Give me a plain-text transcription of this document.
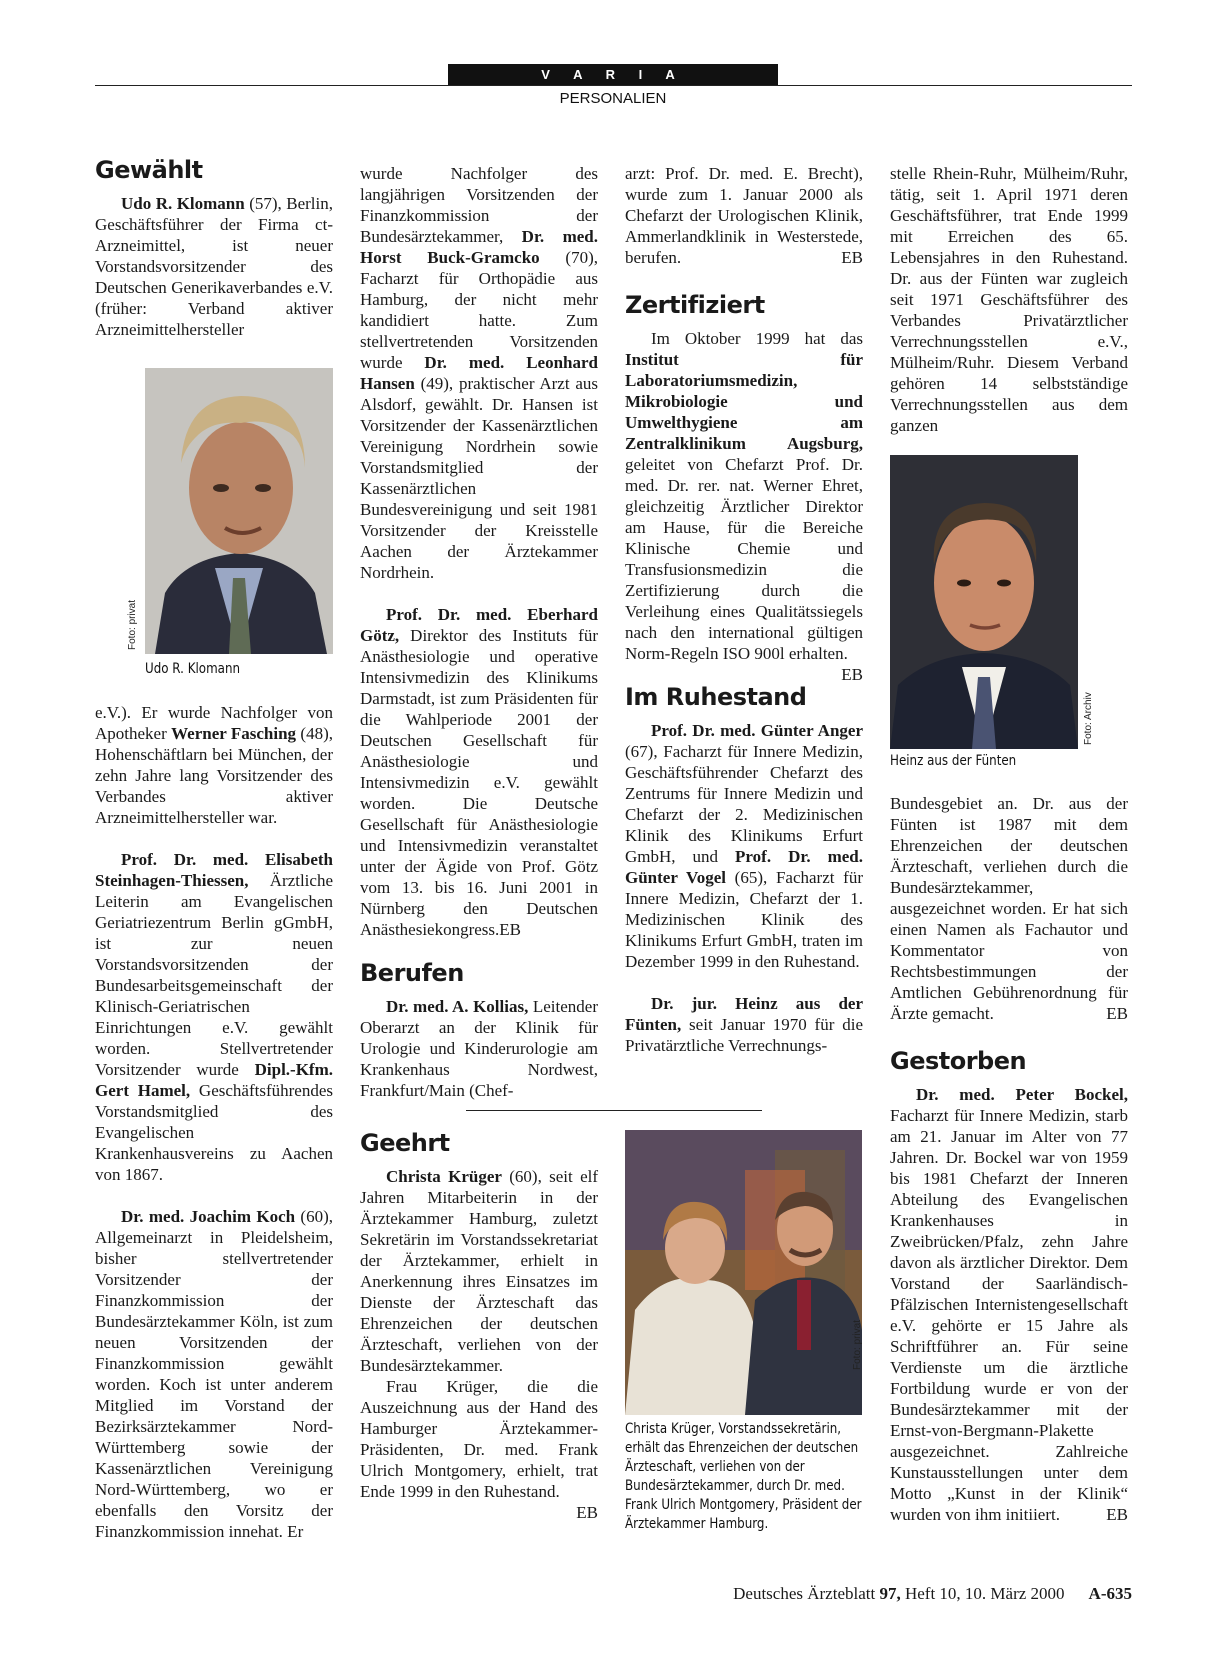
V A R I A
PERSONALIEN
Gewählt

Udo R. Klomann (57), Berlin, Geschäftsführer der Firma ct-Arzneimittel, ist neuer Vorstandsvorsitzender des Deutschen Generikaverbandes e.V. (früher: Verband aktiver Arzneimittelhersteller

Foto: privat
Udo R. Klomann

e.V.). Er wurde Nachfolger von Apotheker Werner Fasching (48), Hohenschäftlarn bei München, der zehn Jahre lang Vorsitzender des Verbandes aktiver Arzneimittelhersteller war.

Prof. Dr. med. Elisabeth Steinhagen-Thiessen, Ärztliche Leiterin am Evangelischen Geriatriezentrum Berlin gGmbH, ist zur neuen Vorstandsvorsitzenden der Bundesarbeitsgemeinschaft der Klinisch-Geriatrischen Einrichtungen e.V. gewählt worden. Stellvertretender Vorsitzender wurde Dipl.-Kfm. Gert Hamel, Geschäftsführendes Vorstandsmitglied des Evangelischen Krankenhausvereins zu Aachen von 1867.

Dr. med. Joachim Koch (60), Allgemeinarzt in Pleidelsheim, bisher stellvertretender Vorsitzender der Finanzkommission der Bundesärztekammer Köln, ist zum neuen Vorsitzenden der Finanzkommission gewählt worden. Koch ist unter anderem Mitglied im Vorstand der Bezirksärztekammer Nord-Württemberg sowie der Kassenärztlichen Vereinigung Nord-Württemberg, wo er ebenfalls den Vorsitz der Finanzkommission innehat. Er

wurde Nachfolger des langjährigen Vorsitzenden der Finanzkommission der Bundesärztekammer, Dr. med. Horst Buck-Gramcko (70), Facharzt für Orthopädie aus Hamburg, der nicht mehr kandidiert hatte. Zum stellvertretenden Vorsitzenden wurde Dr. med. Leonhard Hansen (49), praktischer Arzt aus Alsdorf, gewählt. Dr. Hansen ist Vorsitzender der Kassenärztlichen Vereinigung Nordrhein sowie Vorstandsmitglied der Kassenärztlichen Bundesvereinigung und seit 1981 Vorsitzender der Kreisstelle Aachen der Ärztekammer Nordrhein.

Prof. Dr. med. Eberhard Götz, Direktor des Instituts für Anästhesiologie und operative Intensivmedizin des Klinikums Darmstadt, ist zum Präsidenten für die Wahlperiode 2001 der Deutschen Gesellschaft für Anästhesiologie und Intensivmedizin e.V. gewählt worden. Die Deutsche Gesellschaft für Anästhesiologie und Intensivmedizin veranstaltet unter der Ägide von Prof. Götz vom 13. bis 16. Juni 2001 in Nürnberg den Deutschen Anästhesiekongress.EB

Berufen

Dr. med. A. Kollias, Leitender Oberarzt an der Klinik für Urologie und Kinderurologie am Krankenhaus Nordwest, Frankfurt/Main (Chef-

Geehrt

Christa Krüger (60), seit elf Jahren Mitarbeiterin in der Ärztekammer Hamburg, zuletzt Sekretärin im Vorstandssekretariat der Ärztekammer, erhielt in Anerkennung ihres Einsatzes im Dienste der Ärzteschaft das Ehrenzeichen der deutschen Ärzteschaft, verliehen von der Bundesärztekammer.

Frau Krüger, die die Auszeichnung aus der Hand des Hamburger Ärztekammer-Präsidenten, Dr. med. Frank Ulrich Montgomery, erhielt, trat Ende 1999 in den Ruhestand.
EB

Foto: privat
Christa Krüger, Vorstandssekretärin, erhält das Ehrenzeichen der deutschen Ärzteschaft, verliehen von der Bundesärztekammer, durch Dr. med. Frank Ulrich Montgomery, Präsident der Ärztekammer Hamburg.

arzt: Prof. Dr. med. E. Brecht), wurde zum 1. Januar 2000 als Chefarzt der Urologischen Klinik, Ammerlandklinik in Westerstede, berufen.	EB

Zertifiziert

Im Oktober 1999 hat das Institut für Laboratoriumsmedizin, Mikrobiologie und Umwelthygiene am Zentralklinikum Augsburg, geleitet von Chefarzt Prof. Dr. med. Dr. rer. nat. Werner Ehret, gleichzeitig Ärztlicher Direktor am Hause, für die Bereiche Klinische Chemie und Transfusionsmedizin die Zertifizierung durch die Verleihung eines Qualitätssiegels nach den international gültigen Norm-Regeln ISO 900l erhalten.
EB

Im Ruhestand

Prof. Dr. med. Günter Anger (67), Facharzt für Innere Medizin, Geschäftsführender Chefarzt des Zentrums für Innere Medizin und Chefarzt der 2. Medizinischen Klinik des Klinikums Erfurt GmbH, und Prof. Dr. med. Günter Vogel (65), Facharzt für Innere Medizin, Chefarzt der 1. Medizinischen Klinik des Klinikums Erfurt GmbH, traten im Dezember 1999 in den Ruhestand.

Dr. jur. Heinz aus der Fünten, seit Januar 1970 für die Privatärztliche Verrechnungs-

stelle Rhein-Ruhr, Mülheim/Ruhr, tätig, seit 1. April 1971 deren Geschäftsführer, trat Ende 1999 mit Erreichen des 65. Lebensjahres in den Ruhestand. Dr. aus der Fünten war zugleich seit 1971 Geschäftsführer des Verbandes Privatärztlicher Verrechnungsstellen e.V., Mülheim/Ruhr. Diesem Verband gehören 14 selbstständige Verrechnungsstellen aus dem ganzen

Foto: Archiv
Heinz aus der Fünten

Bundesgebiet an. Dr. aus der Fünten ist 1987 mit dem Ehrenzeichen der deutschen Ärzteschaft, verliehen durch die Bundesärztekammer, ausgezeichnet worden. Er hat sich einen Namen als Fachautor und Kommentator von Rechtsbestimmungen der Amtlichen Gebührenordnung für Ärzte gemacht.	EB

Gestorben

Dr. med. Peter Bockel, Facharzt für Innere Medizin, starb am 21. Januar im Alter von 77 Jahren. Dr. Bockel war von 1959 bis 1981 Chefarzt der Inneren Abteilung des Evangelischen Krankenhauses in Zweibrücken/Pfalz, zehn Jahre davon als ärztlicher Direktor. Dem Vorstand der Saarländisch-Pfälzischen Internistengesellschaft e.V. gehörte er 15 Jahre als Schriftführer an. Für seine Verdienste um die ärztliche Fortbildung wurde er von der Bundesärztekammer mit der Ernst-von-Bergmann-Plakette ausgezeichnet. Zahlreiche Kunstausstellungen unter dem Motto „Kunst in der Klinik“ wurden von ihm initiiert.	EB

Deutsches Ärzteblatt 97, Heft 10, 10. März 2000 A-635
